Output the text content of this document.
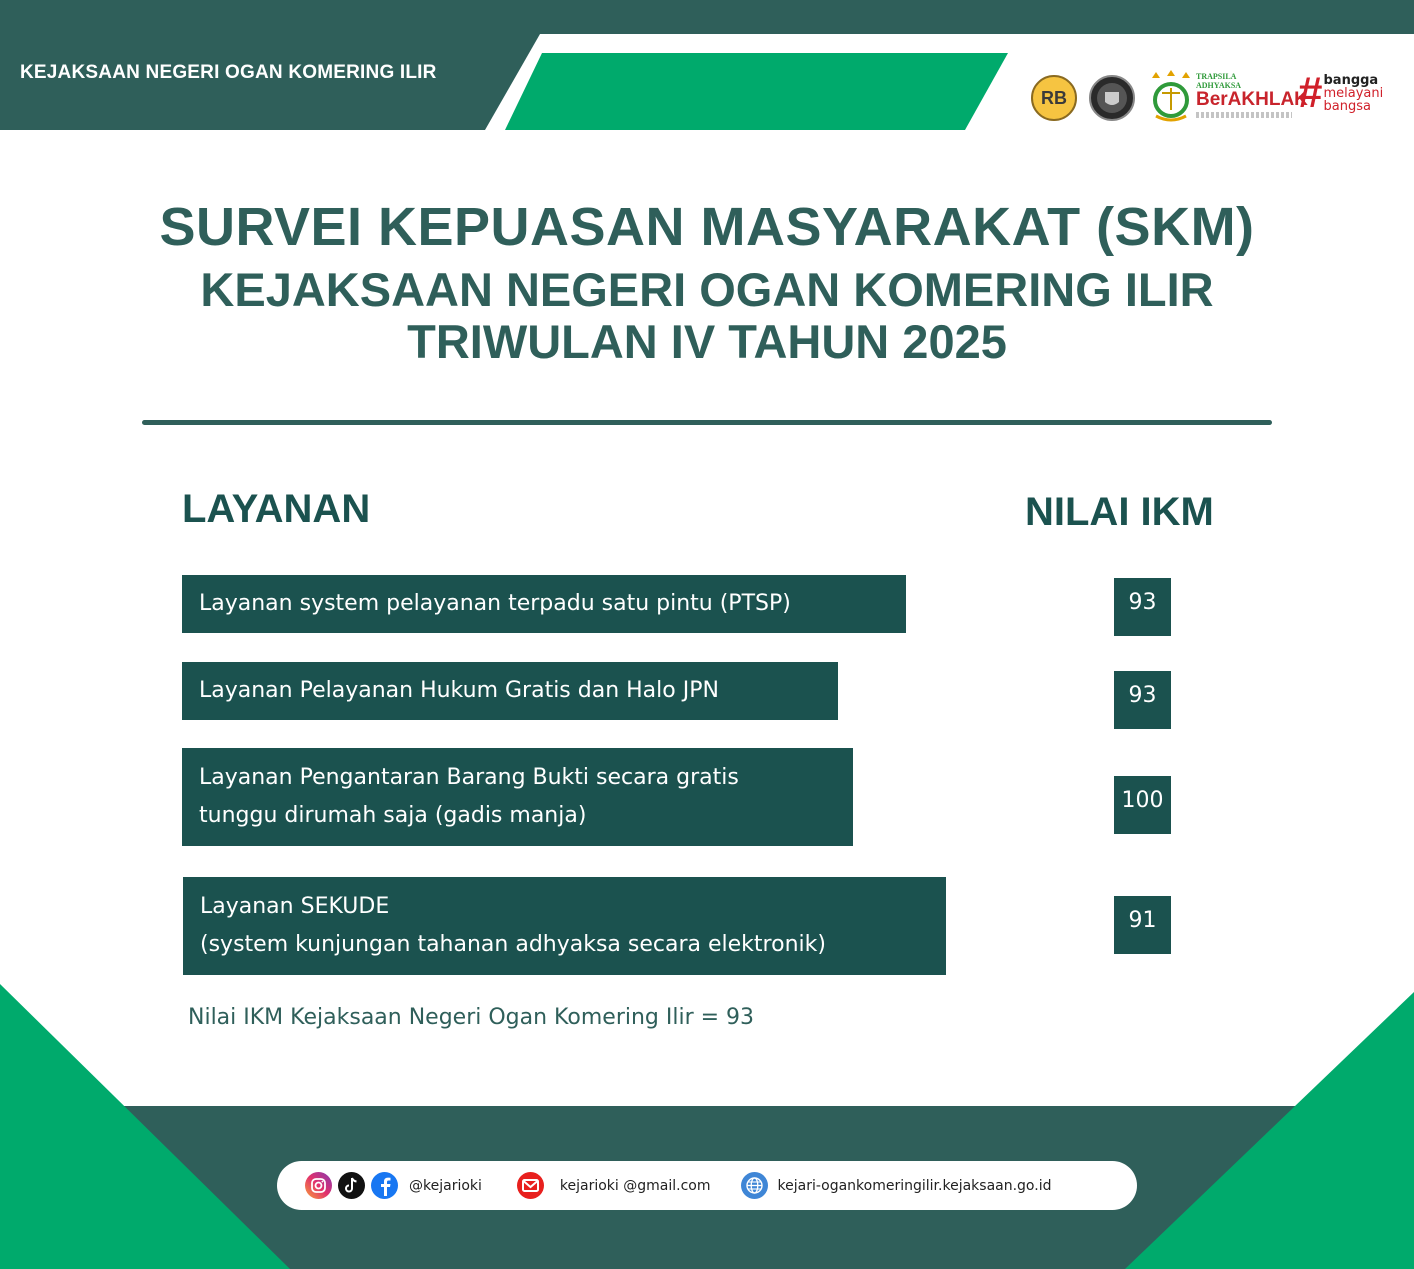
KEJAKSAAN NEGERI OGAN KOMERING ILIR
RB
TRAPSILA ADHYAKSA
BerAKHLAK
# bangga
melayani
bangsa
SURVEI KEPUASAN MASYARAKAT (SKM)
KEJAKSAAN NEGERI OGAN KOMERING ILIR
TRIWULAN IV TAHUN 2025
LAYANAN	NILAI IKM
Layanan system pelayanan terpadu satu pintu (PTSP)	93
Layanan Pelayanan Hukum Gratis dan Halo JPN	93
Layanan Pengantaran Barang Bukti secara gratis
tunggu dirumah saja (gadis manja)
100
Layanan SEKUDE
(system kunjungan tahanan adhyaksa secara elektronik)
91
Nilai IKM Kejaksaan Negeri Ogan Komering Ilir = 93
@kejarioki	kejarioki @gmail.com	kejari-ogankomeringilir.kejaksaan.go.id
